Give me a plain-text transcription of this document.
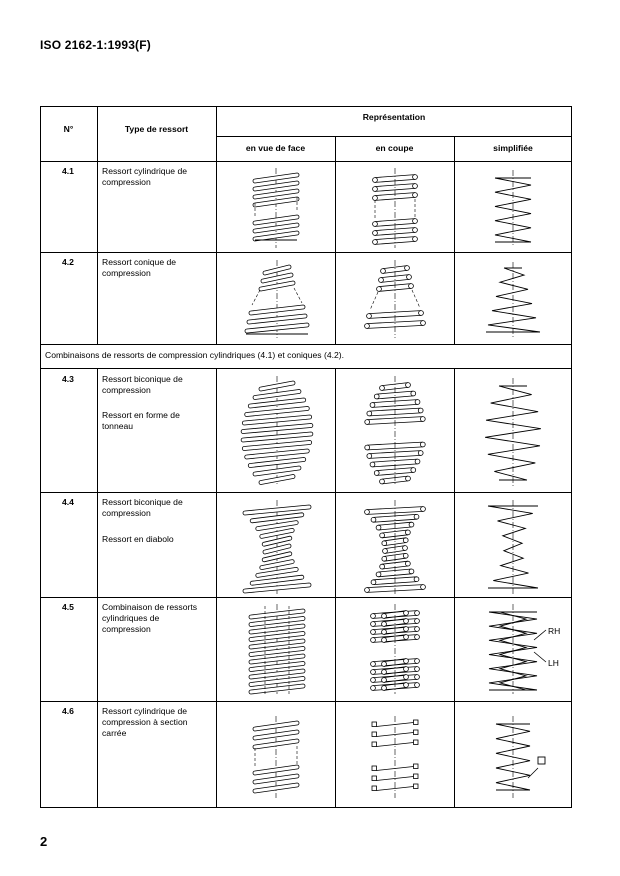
ISO 2162-1:1993(F)
N°	Type de ressort
Représentation
en vue de face	en coupe	simplifiée
4.1	Ressort cylindrique de
compression
4.2	Ressort conique de
compression
Combinaisons de ressorts de compression cylindriques (4.1) et coniques (4.2).
4.3	Ressort biconique de
compression
Ressort en forme de
tonneau
4.4	Ressort biconique de
compression
Ressort en diabolo
4.5	Combinaison de ressorts
cylindriques de
compression
4.6	Ressort cylindrique de
compression à section
carrée
RH
LH
2
